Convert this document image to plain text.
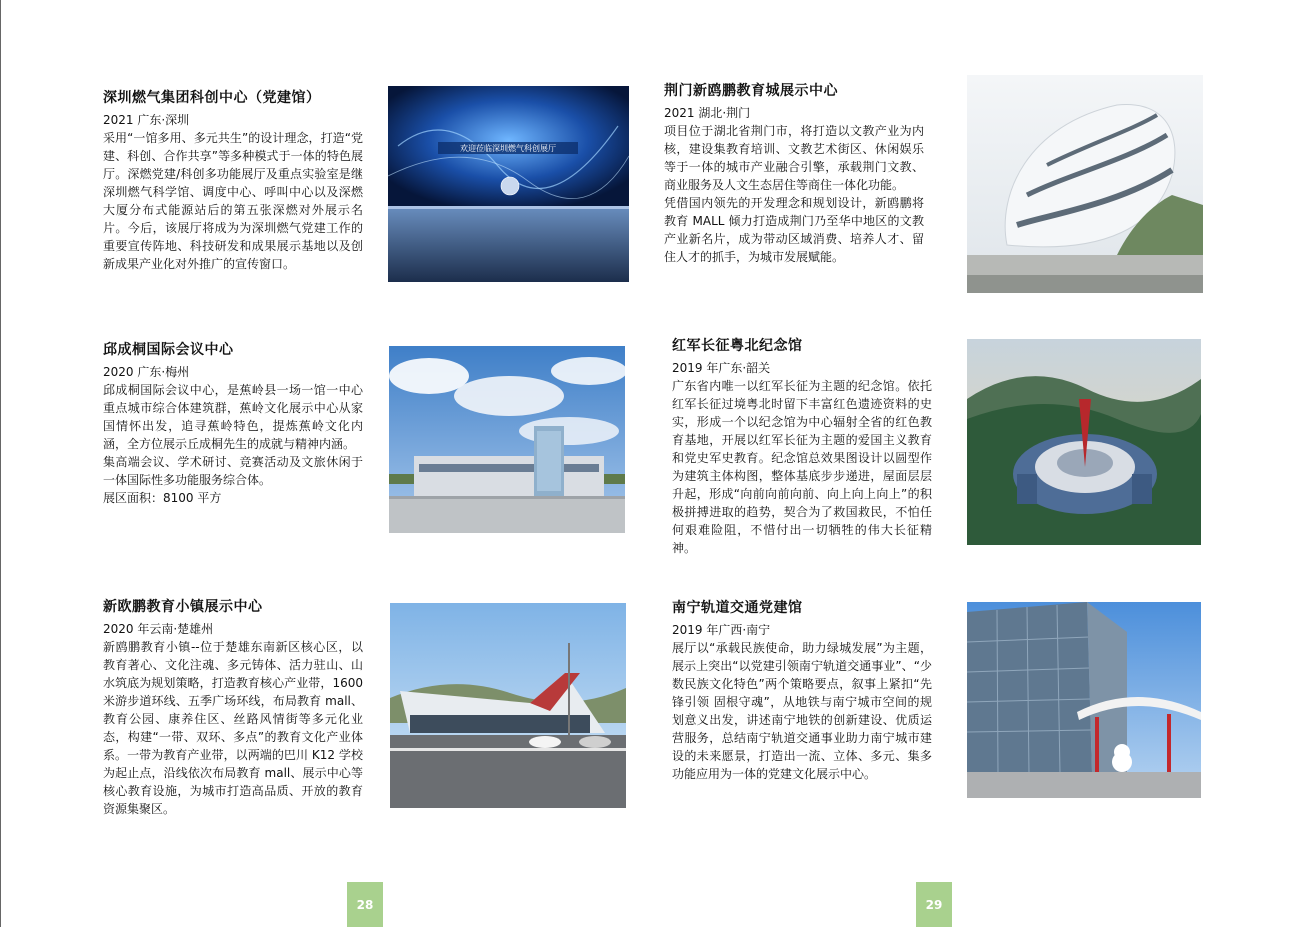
深圳燃气集团科创中心（党建馆）
2021 广东·深圳

采用“一馆多用、多元共生”的设计理念，打造“党建、科创、合作共享”等多种模式于一体的特色展厅。深燃党建/科创多功能展厅及重点实验室是继深圳燃气科学馆、调度中心、呼叫中心以及深燃大厦分布式能源站后的第五张深燃对外展示名片。今后，该展厅将成为为深圳燃气党建工作的重要宣传阵地、科技研发和成果展示基地以及创新成果产业化对外推广的宣传窗口。

欢迎莅临深圳燃气科创展厅
邱成桐国际会议中心
2020 广东·梅州

邱成桐国际会议中心，是蕉岭县一场一馆一中心重点城市综合体建筑群，蕉岭文化展示中心从家国情怀出发，追寻蕉岭特色，提炼蕉岭文化内涵，全方位展示丘成桐先生的成就与精神内涵。

集高端会议、学术研讨、竞赛活动及文旅休闲于一体国际性多功能服务综合体。

展区面积：8100 平方

新欧鹏教育小镇展示中心
2020 年云南·楚雄州

新鸥鹏教育小镇--位于楚雄东南新区核心区，以教育著心、文化注魂、多元铸体、活力驻山、山水筑底为规划策略，打造教育核心产业带，1600 米游步道环线、五季广场环线，布局教育 mall、教育公园、康养住区、丝路风情街等多元化业态，构建“一带、双环、多点”的教育文化产业体系。一带为教育产业带，以两端的巴川 K12 学校为起止点，沿线依次布局教育 mall、展示中心等核心教育设施，为城市打造高品质、开放的教育资源集聚区。

28
荆门新鸥鹏教育城展示中心
2021 湖北·荆门

项目位于湖北省荆门市，将打造以文教产业为内核，建设集教育培训、文教艺术街区、休闲娱乐等于一体的城市产业融合引擎，承载荆门文教、商业服务及人文生态居住等商住一体化功能。

凭借国内领先的开发理念和规划设计，新鸥鹏将教育 MALL 倾力打造成荆门乃至华中地区的文教产业新名片，成为带动区域消费、培养人才、留住人才的抓手，为城市发展赋能。

红军长征粤北纪念馆
2019 年广东·韶关

广东省内唯一以红军长征为主题的纪念馆。依托红军长征过境粤北时留下丰富红色遗迹资料的史实，形成一个以纪念馆为中心辐射全省的红色教育基地，开展以红军长征为主题的爱国主义教育和党史军史教育。纪念馆总效果图设计以圆型作为建筑主体构图，整体基底步步递进，屋面层层升起，形成“向前向前向前、向上向上向上”的积极拼搏进取的趋势，契合为了救国救民，不怕任何艰难险阻，不惜付出一切牺牲的伟大长征精神。

南宁轨道交通党建馆
2019 年广西·南宁

展厅以“承载民族使命，助力绿城发展”为主题，展示上突出“以党建引领南宁轨道交通事业”、“少数民族文化特色”两个策略要点，叙事上紧扣“先锋引领 固根守魂”，从地铁与南宁城市空间的规划意义出发，讲述南宁地铁的创新建设、优质运营服务，总结南宁轨道交通事业助力南宁城市建设的未来愿景，打造出一流、立体、多元、集多功能应用为一体的党建文化展示中心。

29
